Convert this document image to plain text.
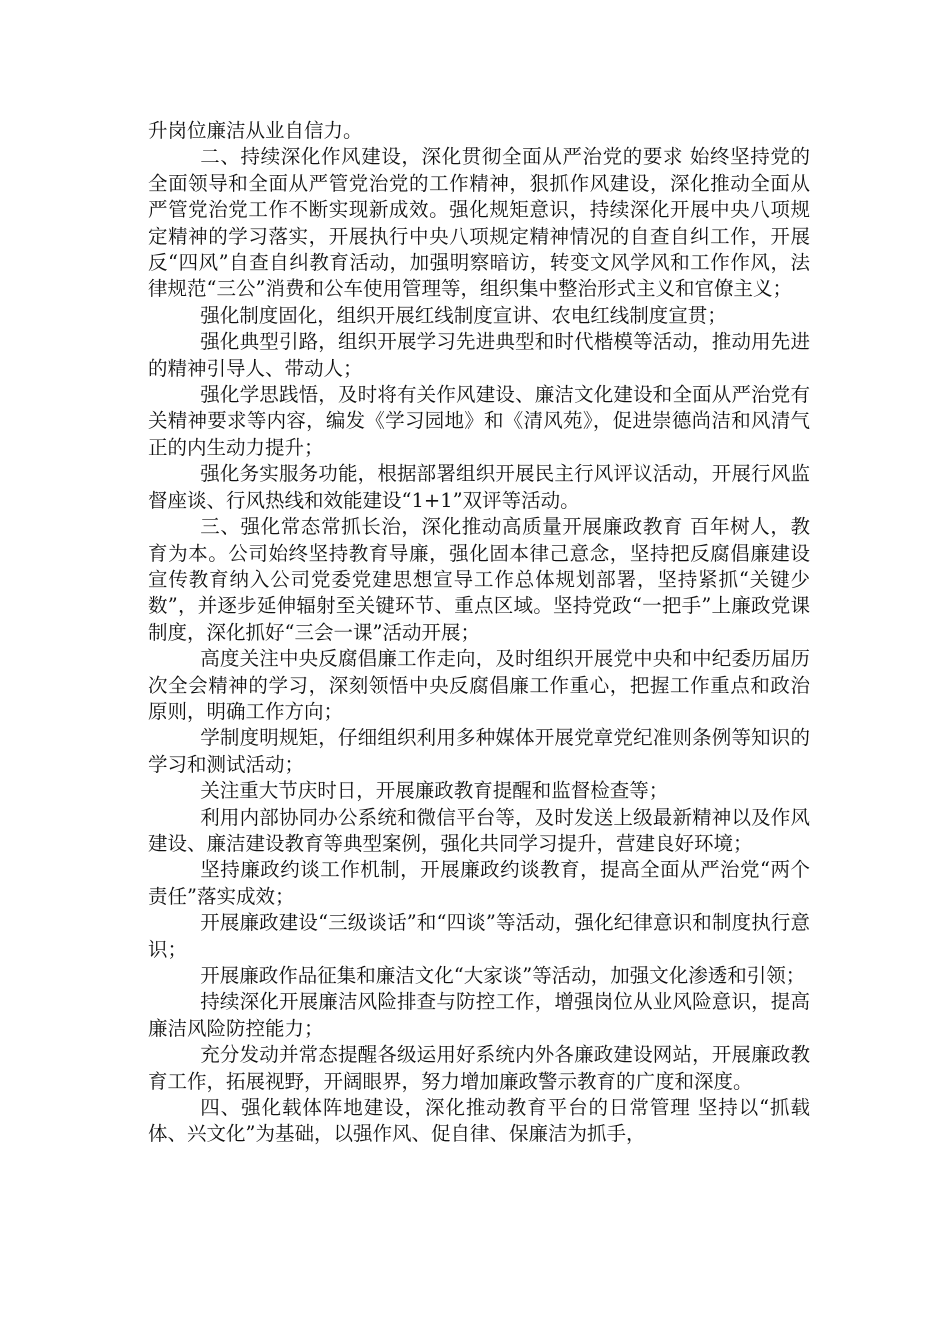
升岗位廉洁从业自信力。

二、持续深化作风建设，深化贯彻全面从严治党的要求 始终坚持党的全面领导和全面从严管党治党的工作精神，狠抓作风建设，深化推动全面从严管党治党工作不断实现新成效。强化规矩意识，持续深化开展中央八项规定精神的学习落实，开展执行中央八项规定精神情况的自查自纠工作，开展反“四风”自查自纠教育活动，加强明察暗访，转变文风学风和工作作风，法律规范“三公”消费和公车使用管理等，组织集中整治形式主义和官僚主义；

强化制度固化，组织开展红线制度宣讲、农电红线制度宣贯；

强化典型引路，组织开展学习先进典型和时代楷模等活动，推动用先进的精神引导人、带动人；

强化学思践悟，及时将有关作风建设、廉洁文化建设和全面从严治党有关精神要求等内容，编发《学习园地》和《清风苑》，促进崇德尚洁和风清气正的内生动力提升；

强化务实服务功能，根据部署组织开展民主行风评议活动，开展行风监督座谈、行风热线和效能建设“1+1”双评等活动。

三、强化常态常抓长治，深化推动高质量开展廉政教育 百年树人，教育为本。公司始终坚持教育导廉，强化固本律己意念，坚持把反腐倡廉建设宣传教育纳入公司党委党建思想宣导工作总体规划部署，坚持紧抓“关键少数”，并逐步延伸辐射至关键环节、重点区域。坚持党政“一把手”上廉政党课制度，深化抓好“三会一课”活动开展；

高度关注中央反腐倡廉工作走向，及时组织开展党中央和中纪委历届历次全会精神的学习，深刻领悟中央反腐倡廉工作重心，把握工作重点和政治原则，明确工作方向；

学制度明规矩，仔细组织利用多种媒体开展党章党纪准则条例等知识的学习和测试活动；

关注重大节庆时日，开展廉政教育提醒和监督检查等；

利用内部协同办公系统和微信平台等，及时发送上级最新精神以及作风建设、廉洁建设教育等典型案例，强化共同学习提升，营建良好环境；

坚持廉政约谈工作机制，开展廉政约谈教育，提高全面从严治党“两个责任”落实成效；

开展廉政建设“三级谈话”和“四谈”等活动，强化纪律意识和制度执行意识；

开展廉政作品征集和廉洁文化“大家谈”等活动，加强文化渗透和引领；

持续深化开展廉洁风险排查与防控工作，增强岗位从业风险意识，提高廉洁风险防控能力；

充分发动并常态提醒各级运用好系统内外各廉政建设网站，开展廉政教育工作，拓展视野，开阔眼界，努力增加廉政警示教育的广度和深度。

四、强化载体阵地建设，深化推动教育平台的日常管理 坚持以“抓载体、兴文化”为基础，以强作风、促自律、保廉洁为抓手，
